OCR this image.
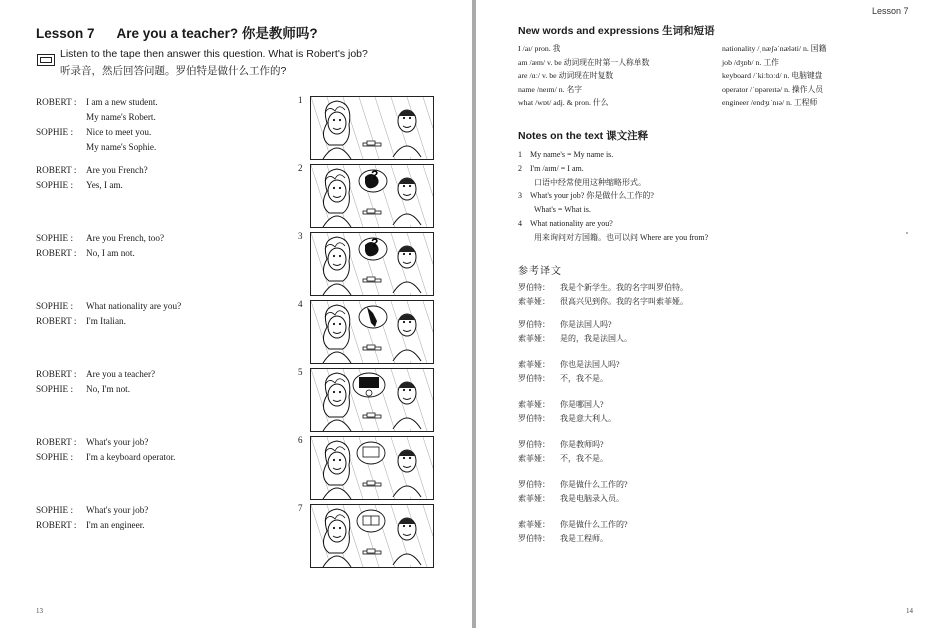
Lesson 7 Are you a teacher? 你是教师吗?
Listen to the tape then answer this question. What is Robert's job?
听录音，然后回答问题。罗伯特是做什么工作的?
ROBERT :	I am a new student.
My name's Robert.
SOPHIE :	Nice to meet you.
My name's Sophie.
ROBERT :	Are you French?
SOPHIE :	Yes, I am.
SOPHIE :	Are you French, too?
ROBERT :	No, I am not.
SOPHIE :	What nationality are you?
ROBERT :	I'm Italian.
ROBERT :	Are you a teacher?
SOPHIE :	No, I'm not.
ROBERT :	What's your job?
SOPHIE :	I'm a keyboard operator.
SOPHIE :	What's your job?
ROBERT :	I'm an engineer.
1
2	?
3	?
4
5
6
7
13
Lesson 7
New words and expressions 生词和短语
I /aɪ/ pron. 我
am /æm/ v. be 动词现在时第一人称单数
are /ɑː/ v. be 动词现在时复数
name /neɪm/ n. 名字
what /wɒt/ adj. & pron. 什么
nationality /ˌnæʃəˈnæləti/ n. 国籍
job /dʒɒb/ n. 工作
keyboard /ˈkiːbɔːd/ n. 电脑键盘
operator /ˈɒpəreɪtə/ n. 操作人员
engineer /endʒɪˈnɪə/ n. 工程师
Notes on the text 课文注释
1　My name's = My name is.
2　I'm /aɪm/ = I am.
　　口语中经常使用这种缩略形式。
3　What's your job? 你是做什么工作的?
　　What's = What is.
4　What nationality are you?
　　用来询问对方国籍。也可以问 Where are you from?
参考译文
罗伯特：	我是个新学生。我的名字叫罗伯特。
索菲娅：	很高兴见到你。我的名字叫索菲娅。
罗伯特：	你是法国人吗?
索菲娅：	是的，我是法国人。
索菲娅：	你也是法国人吗?
罗伯特：	不，我不是。
索菲娅：	你是哪国人?
罗伯特：	我是意大利人。
罗伯特：	你是教师吗?
索菲娅：	不，我不是。
罗伯特：	你是做什么工作的?
索菲娅：	我是电脑录入员。
索菲娅：	你是做什么工作的?
罗伯特：	我是工程师。
14
